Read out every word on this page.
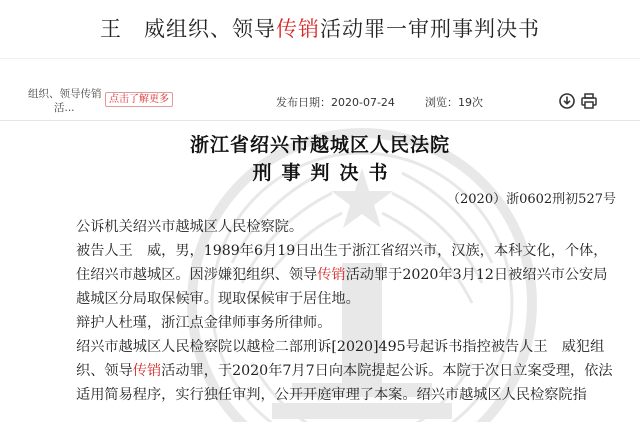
王　威组织、领导 传销 活动罪一审刑事判决书
组织、领导传销
活...
点击了解更多	发布日期：2020-07-24	浏览：19次
浙江省绍兴市越城区人民法院
刑事判决书
（2020）浙0602刑初527号
公诉机关绍兴市越城区人民检察院。
被告人王　威，男，1989年6月19日出生于浙江省绍兴市，汉族，本科文化，个体，住绍兴市越城区。因涉嫌犯组织、领导传销活动罪于2020年3月12日被绍兴市公安局越城区分局取保候审。现取保候审于居住地。
辩护人杜瑾，浙江点金律师事务所律师。
绍兴市越城区人民检察院以越检二部刑诉[2020]495号起诉书指控被告人王　威犯组织、领导传销活动罪，于2020年7月7日向本院提起公诉。本院于次日立案受理，依法适用简易程序，实行独任审判，公开开庭审理了本案。绍兴市越城区人民检察院指
